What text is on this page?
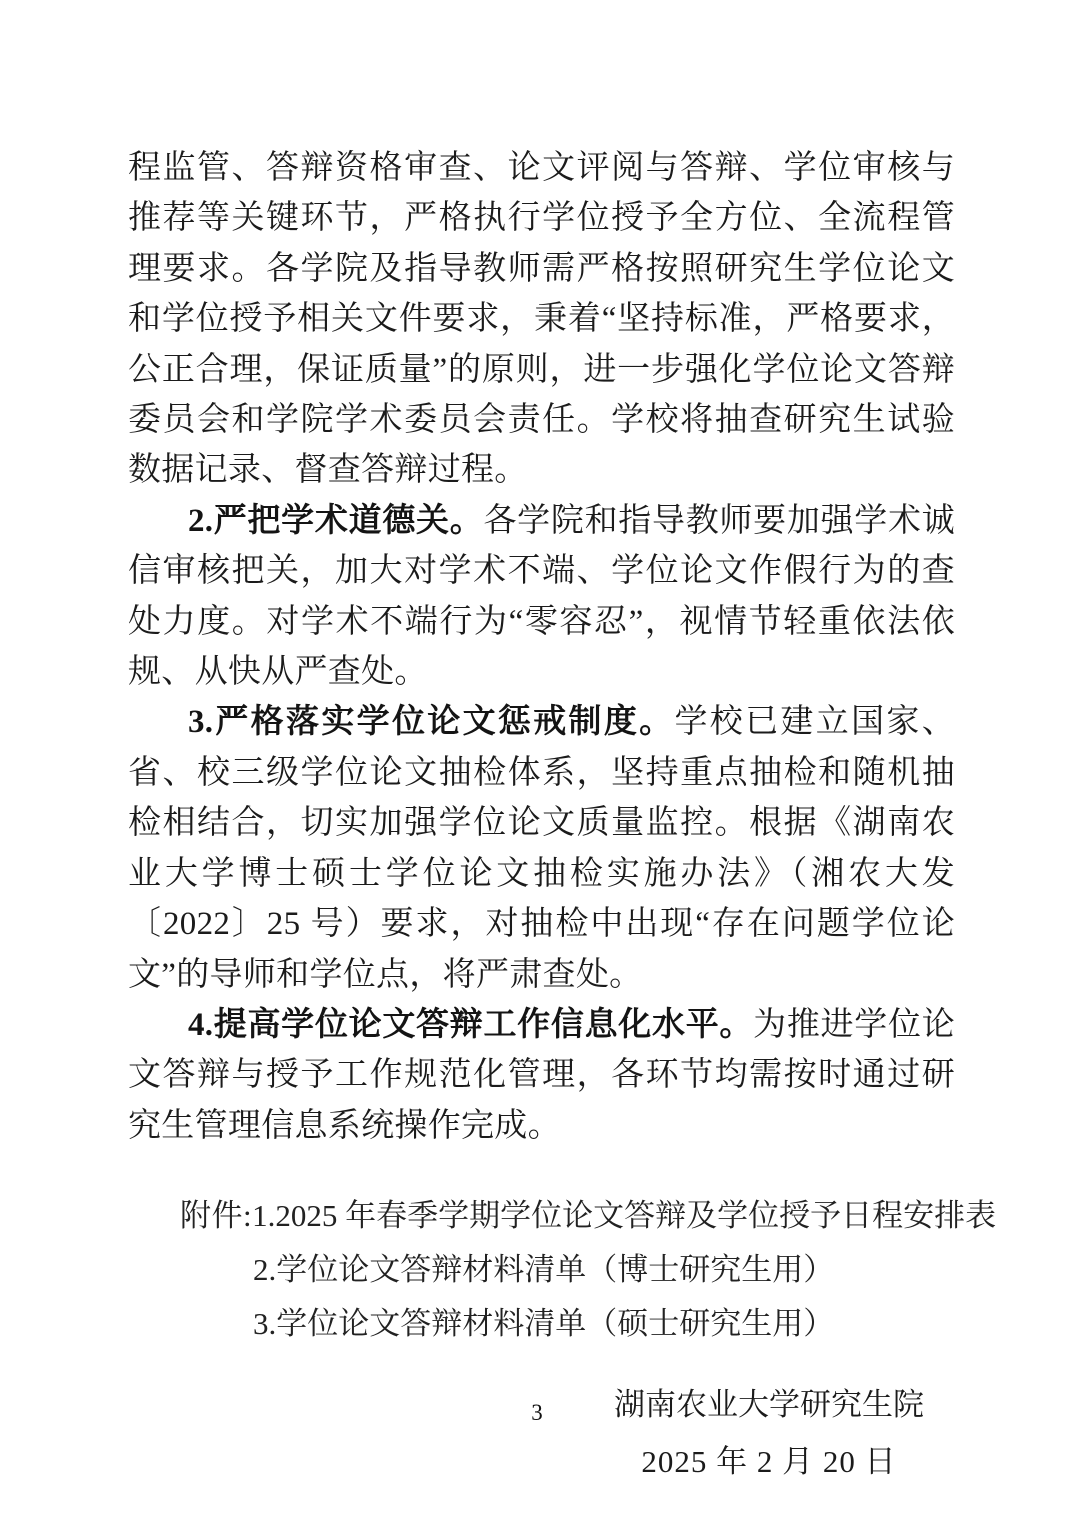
程监管、答辩资格审查、论文评阅与答辩、学位审核与推荐等关键环节，严格执行学位授予全方位、全流程管理要求。各学院及指导教师需严格按照研究生学位论文和学位授予相关文件要求，秉着“坚持标准，严格要求，公正合理，保证质量”的原则，进一步强化学位论文答辩委员会和学院学术委员会责任。学校将抽查研究生试验数据记录、督查答辩过程。

2.严把学术道德关。各学院和指导教师要加强学术诚信审核把关，加大对学术不端、学位论文作假行为的查处力度。对学术不端行为“零容忍”，视情节轻重依法依规、从快从严查处。

3.严格落实学位论文惩戒制度。学校已建立国家、省、校三级学位论文抽检体系，坚持重点抽检和随机抽检相结合，切实加强学位论文质量监控。根据《湖南农业大学博士硕士学位论文抽检实施办法》（湘农大发〔2022〕25 号）要求，对抽检中出现“存在问题学位论文”的导师和学位点，将严肃查处。

4.提高学位论文答辩工作信息化水平。为推进学位论文答辩与授予工作规范化管理，各环节均需按时通过研究生管理信息系统操作完成。

附件:1.2025 年春季学期学位论文答辩及学位授予日程安排表
2.学位论文答辩材料清单（博士研究生用）
3.学位论文答辩材料清单（硕士研究生用）
湖南农业大学研究生院
2025 年 2 月 20 日
3
